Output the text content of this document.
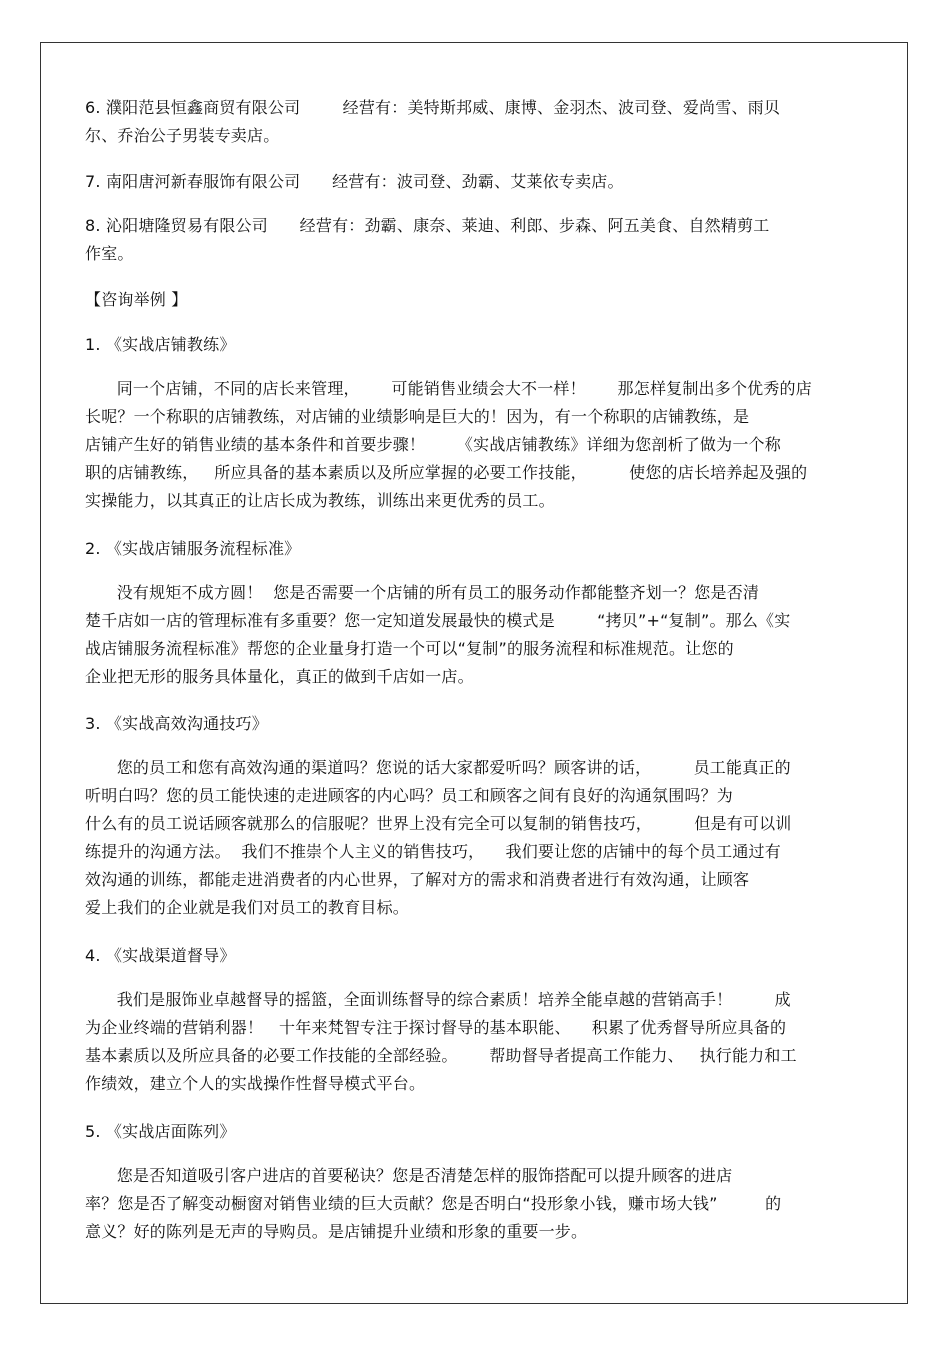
6. 濮阳范县恒鑫商贸有限公司        经营有：美特斯邦威、康博、金羽杰、波司登、爱尚雪、雨贝
尔、乔治公子男装专卖店。
7. 南阳唐河新春服饰有限公司      经营有：波司登、劲霸、艾莱依专卖店。
8. 沁阳塘隆贸易有限公司      经营有：劲霸、康奈、莱迪、利郎、步森、阿五美食、自然精剪工
作室。
【咨询举例 】
1. 《实战店铺教练》
同一个店铺，不同的店长来管理，      可能销售业绩会大不一样！      那怎样复制出多个优秀的店
长呢？一个称职的店铺教练，对店铺的业绩影响是巨大的！因为，有一个称职的店铺教练，是
店铺产生好的销售业绩的基本条件和首要步骤！      《实战店铺教练》详细为您剖析了做为一个称
职的店铺教练，   所应具备的基本素质以及所应掌握的必要工作技能，        使您的店长培养起及强的
实操能力，以其真正的让店长成为教练，训练出来更优秀的员工。
2. 《实战店铺服务流程标准》
没有规矩不成方圆！  您是否需要一个店铺的所有员工的服务动作都能整齐划一？您是否清
楚千店如一店的管理标准有多重要？您一定知道发展最快的模式是        “拷贝”+“复制”。那么《实
战店铺服务流程标准》帮您的企业量身打造一个可以“复制”的服务流程和标准规范。让您的
企业把无形的服务具体量化，真正的做到千店如一店。
3. 《实战高效沟通技巧》
您的员工和您有高效沟通的渠道吗？您说的话大家都爱听吗？顾客讲的话，        员工能真正的
听明白吗？您的员工能快速的走进顾客的内心吗？员工和顾客之间有良好的沟通氛围吗？为
什么有的员工说话顾客就那么的信服呢？世界上没有完全可以复制的销售技巧，        但是有可以训
练提升的沟通方法。  我们不推崇个人主义的销售技巧，    我们要让您的店铺中的每个员工通过有
效沟通的训练，都能走进消费者的内心世界，了解对方的需求和消费者进行有效沟通，让顾客
爱上我们的企业就是我们对员工的教育目标。
4. 《实战渠道督导》
我们是服饰业卓越督导的摇篮，全面训练督导的综合素质！培养全能卓越的营销高手！        成
为企业终端的营销利器！   十年来梵智专注于探讨督导的基本职能、    积累了优秀督导所应具备的
基本素质以及所应具备的必要工作技能的全部经验。      帮助督导者提高工作能力、   执行能力和工
作绩效，建立个人的实战操作性督导模式平台。
5. 《实战店面陈列》
您是否知道吸引客户进店的首要秘诀？您是否清楚怎样的服饰搭配可以提升顾客的进店
率？您是否了解变动橱窗对销售业绩的巨大贡献？您是否明白“投形象小钱，赚市场大钱”         的
意义？好的陈列是无声的导购员。是店铺提升业绩和形象的重要一步。
